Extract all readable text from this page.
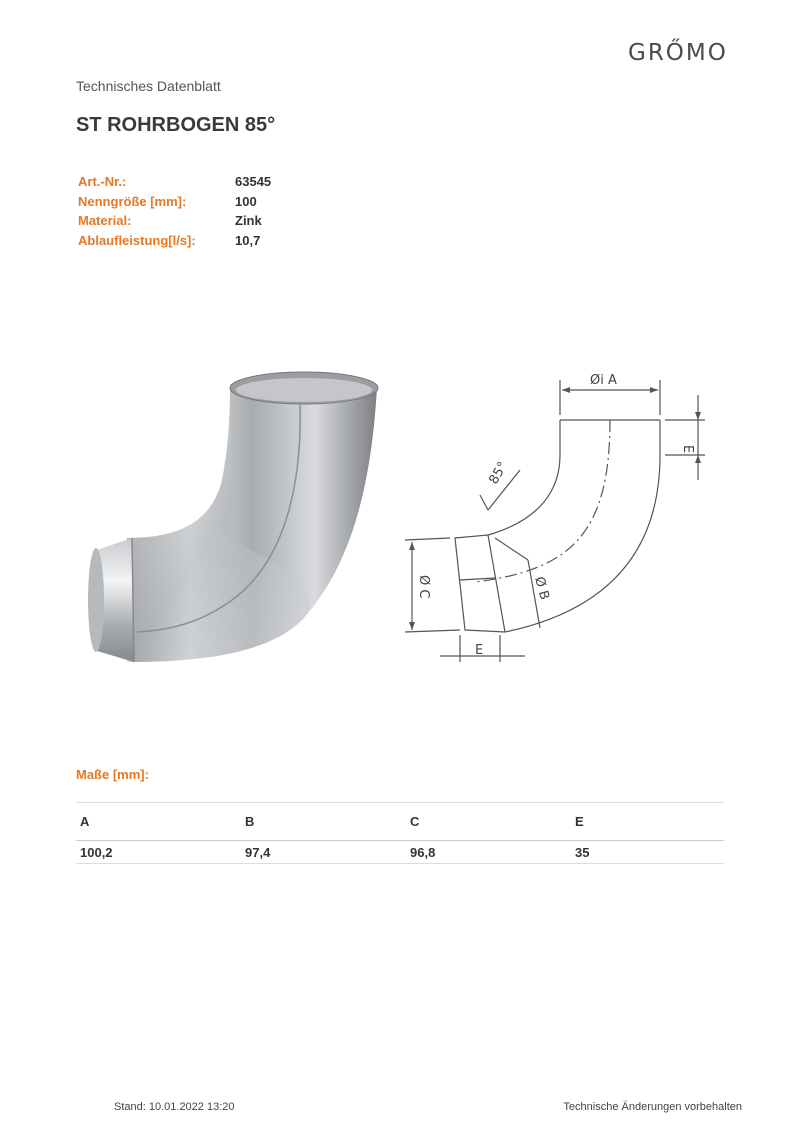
GRŐMO
Technisches Datenblatt
ST ROHRBOGEN 85°
Art.-Nr.:	63545
Nenngröße [mm]:	100
Material:	Zink
Ablaufleistung[l/s]:	10,7
Øi A
E
85°
Ø C	Ø B
E
Maße [mm]:
A	B	C	E
100,2	97,4	96,8	35
Stand: 10.01.2022 13:20	Technische Änderungen vorbehalten
